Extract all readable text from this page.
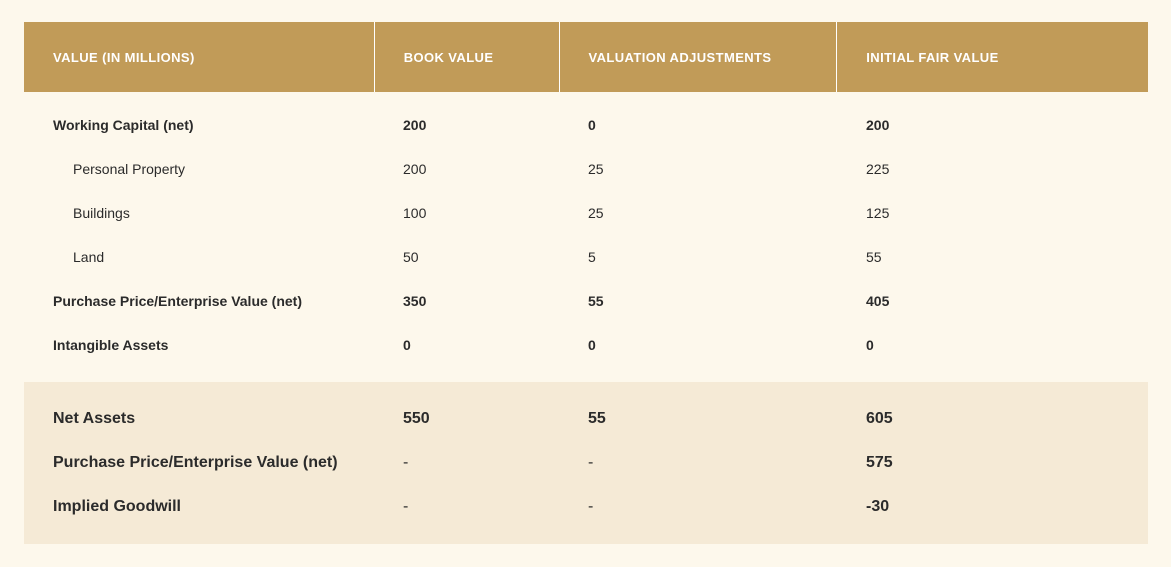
VALUE (IN MILLIONS)	BOOK VALUE	VALUATION ADJUSTMENTS	INITIAL FAIR VALUE
Working Capital (net)	200	0	200
Personal Property	200	25	225
Buildings	100	25	125
Land	50	5	55
Purchase Price/Enterprise Value (net)	350	55	405
Intangible Assets	0	0	0
Net Assets	550	55	605
Purchase Price/Enterprise Value (net)	-	-	575
Implied Goodwill	-	-	-30
